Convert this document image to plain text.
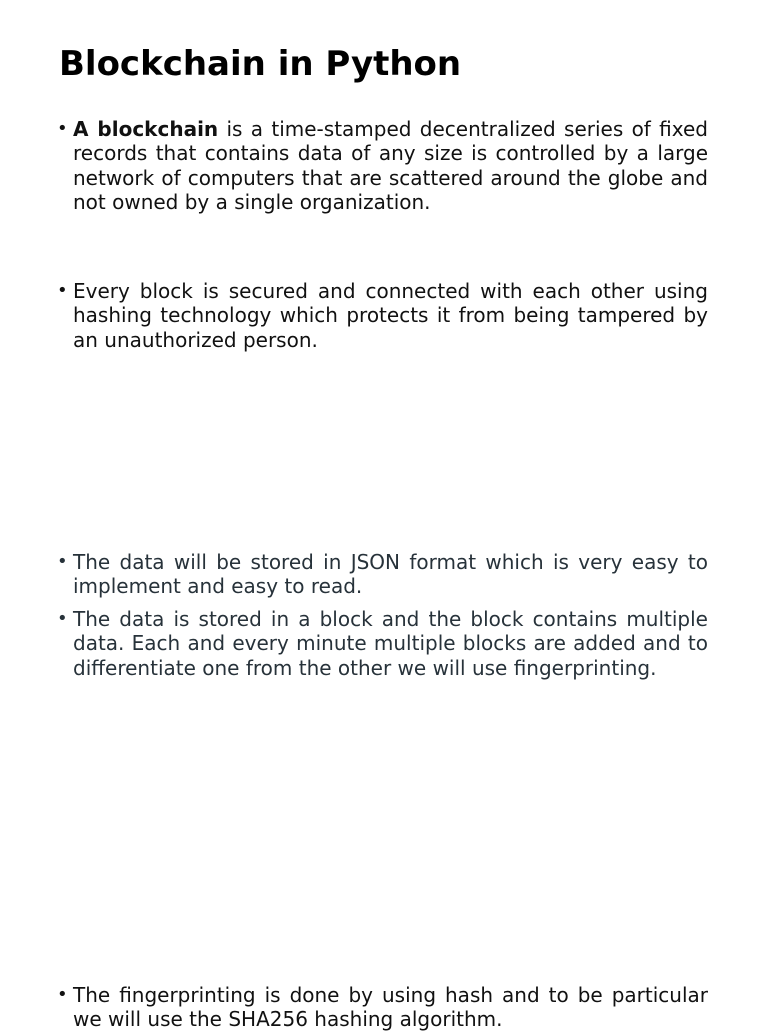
Blockchain in Python
• A blockchain is a time-stamped decentralized series of fixed records that contains data of any size is controlled by a large network of computers that are scattered around the globe and not owned by a single organization.
• Every block is secured and connected with each other using hashing technology which protects it from being tampered by an unauthorized person.
• The data will be stored in JSON format which is very easy to implement and easy to read.
• The data is stored in a block and the block contains multiple data. Each and every minute multiple blocks are added and to differentiate one from the other we will use fingerprinting.
• The fingerprinting is done by using hash and to be particular we will use the SHA256 hashing algorithm.
